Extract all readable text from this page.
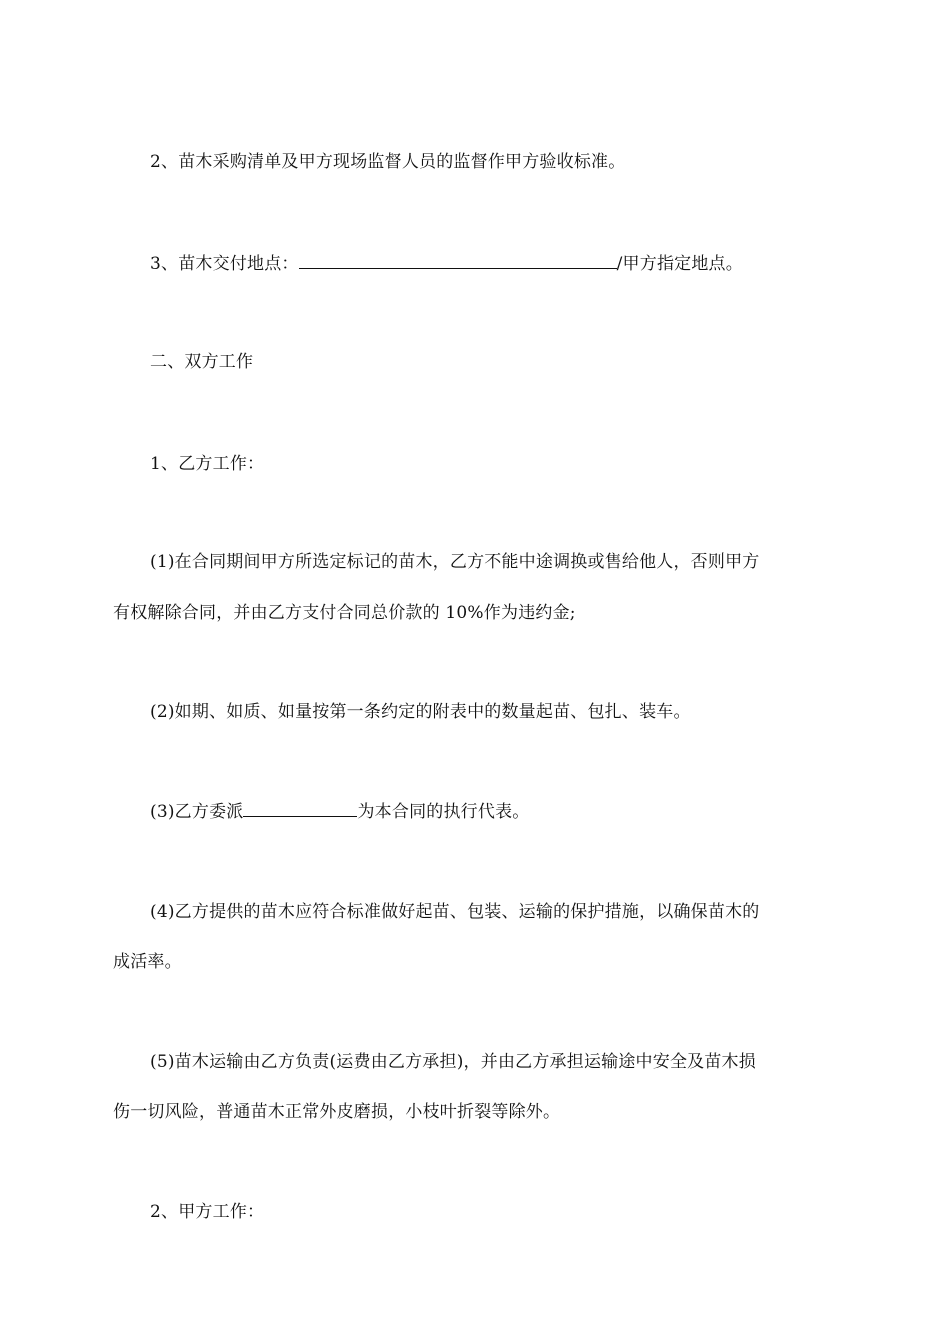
2、苗木采购清单及甲方现场监督人员的监督作甲方验收标准。
3、苗木交付地点：	/甲方指定地点。
二、双方工作
1、乙方工作：
(1)在合同期间甲方所选定标记的苗木，乙方不能中途调换或售给他人，否则甲方
有权解除合同，并由乙方支付合同总价款的 10%作为违约金;
(2)如期、如质、如量按第一条约定的附表中的数量起苗、包扎、装车。
(3)乙方委派	为本合同的执行代表。
(4)乙方提供的苗木应符合标准做好起苗、包装、运输的保护措施，以确保苗木的
成活率。
(5)苗木运输由乙方负责(运费由乙方承担)，并由乙方承担运输途中安全及苗木损
伤一切风险，普通苗木正常外皮磨损，小枝叶折裂等除外。
2、甲方工作：
